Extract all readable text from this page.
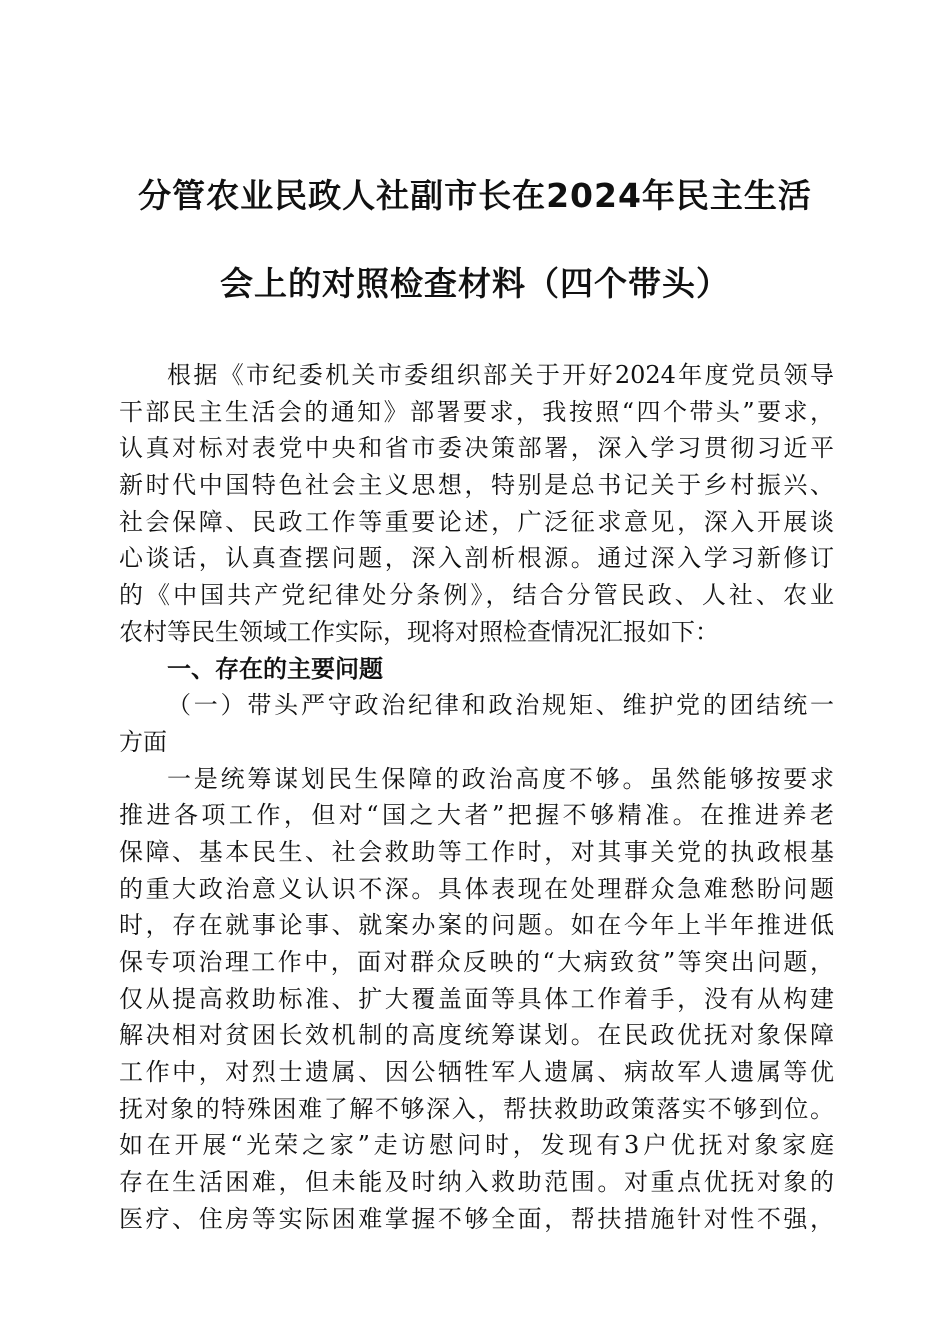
分管农业民政人社副市长在2024年民主生活
会上的对照检查材料（四个带头）
根据《市纪委机关市委组织部关于开好2024年度党员领导
干部民主生活会的通知》部署要求，我按照“四个带头”要求，
认真对标对表党中央和省市委决策部署，深入学习贯彻习近平
新时代中国特色社会主义思想，特别是总书记关于乡村振兴、
社会保障、民政工作等重要论述，广泛征求意见，深入开展谈
心谈话，认真查摆问题，深入剖析根源。通过深入学习新修订
的《中国共产党纪律处分条例》，结合分管民政、人社、农业
农村等民生领域工作实际，现将对照检查情况汇报如下：
一、存在的主要问题
（一）带头严守政治纪律和政治规矩、维护党的团结统一
方面
一是统筹谋划民生保障的政治高度不够。虽然能够按要求
推进各项工作，但对“国之大者”把握不够精准。在推进养老
保障、基本民生、社会救助等工作时，对其事关党的执政根基
的重大政治意义认识不深。具体表现在处理群众急难愁盼问题
时，存在就事论事、就案办案的问题。如在今年上半年推进低
保专项治理工作中，面对群众反映的“大病致贫”等突出问题，
仅从提高救助标准、扩大覆盖面等具体工作着手，没有从构建
解决相对贫困长效机制的高度统筹谋划。在民政优抚对象保障
工作中，对烈士遗属、因公牺牲军人遗属、病故军人遗属等优
抚对象的特殊困难了解不够深入，帮扶救助政策落实不够到位。
如在开展“光荣之家”走访慰问时，发现有3户优抚对象家庭
存在生活困难，但未能及时纳入救助范围。对重点优抚对象的
医疗、住房等实际困难掌握不够全面，帮扶措施针对性不强，
